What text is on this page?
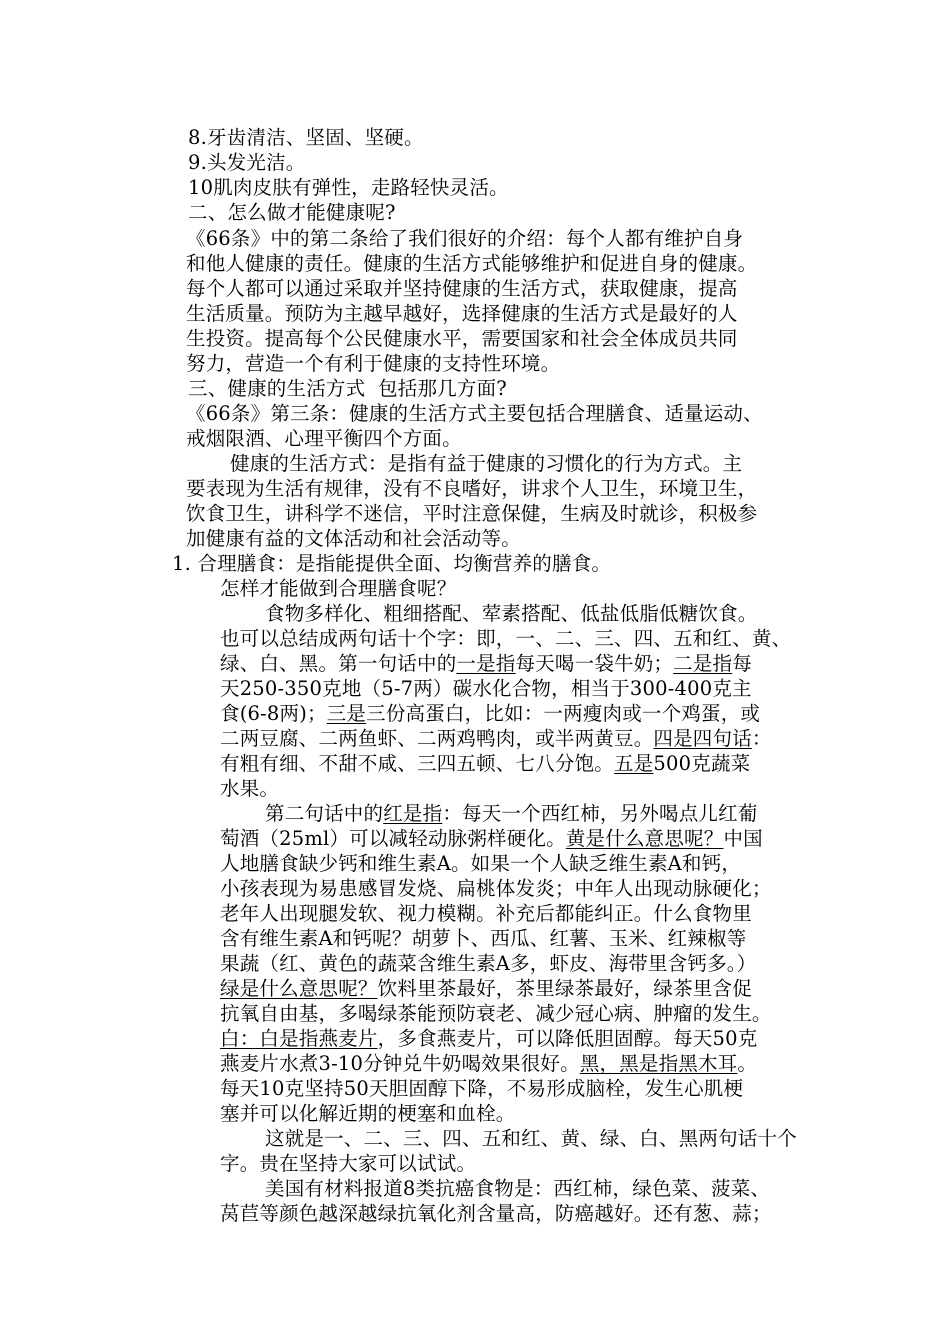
8.牙齿清洁、坚固、坚硬。
9.头发光洁。
10肌肉皮肤有弹性，走路轻快灵活。
二、怎么做才能健康呢?
《66条》中的第二条给了我们很好的介绍：每个人都有维护自身
和他人健康的责任。健康的生活方式能够维护和促进自身的健康。
每个人都可以通过采取并坚持健康的生活方式，获取健康，提高
生活质量。预防为主越早越好，选择健康的生活方式是最好的人
生投资。提高每个公民健康水平，需要国家和社会全体成员共同
努力，营造一个有利于健康的支持性环境。
三、健康的生活方式  包括那几方面?
《66条》第三条：健康的生活方式主要包括合理膳食、适量运动、
戒烟限酒、心理平衡四个方面。
健康的生活方式：是指有益于健康的习惯化的行为方式。主
要表现为生活有规律，没有不良嗜好，讲求个人卫生，环境卫生，
饮食卫生，讲科学不迷信，平时注意保健，生病及时就诊，积极参
加健康有益的文体活动和社会活动等。
1. 合理膳食：是指能提供全面、均衡营养的膳食。
怎样才能做到合理膳食呢？
食物多样化、粗细搭配、荤素搭配、低盐低脂低糖饮食。
也可以总结成两句话十个字：即，一、二、三、四、五和红、黄、
绿、白、黑。第一句话中的一是指每天喝一袋牛奶；二是指每
天250-350克地（5-7两）碳水化合物，相当于300-400克主
食(6-8两)；三是三份高蛋白，比如：一两瘦肉或一个鸡蛋，或
二两豆腐、二两鱼虾、二两鸡鸭肉，或半两黄豆。四是四句话：
有粗有细、不甜不咸、三四五顿、七八分饱。五是500克蔬菜
水果。
第二句话中的红是指：每天一个西红柿，另外喝点儿红葡
萄酒（25ml）可以减轻动脉粥样硬化。黄是什么意思呢？中国
人地膳食缺少钙和维生素A。如果一个人缺乏维生素A和钙，
小孩表现为易患感冒发烧、扁桃体发炎；中年人出现动脉硬化；
老年人出现腿发软、视力模糊。补充后都能纠正。什么食物里
含有维生素A和钙呢？胡萝卜、西瓜、红薯、玉米、红辣椒等
果蔬（红、黄色的蔬菜含维生素A多，虾皮、海带里含钙多。）
绿是什么意思呢？饮料里茶最好，茶里绿茶最好，绿茶里含促
抗氧自由基，多喝绿茶能预防衰老、减少冠心病、肿瘤的发生。
白：白是指燕麦片，多食燕麦片，可以降低胆固醇。每天50克
燕麦片水煮3-10分钟兑牛奶喝效果很好。黑，黑是指黑木耳。
每天10克坚持50天胆固醇下降，不易形成脑栓，发生心肌梗
塞并可以化解近期的梗塞和血栓。
这就是一、二、三、四、五和红、黄、绿、白、黑两句话十个
字。贵在坚持大家可以试试。
美国有材料报道8类抗癌食物是：西红柿，绿色菜、菠菜、
莴苣等颜色越深越绿抗氧化剂含量高，防癌越好。还有葱、蒜；
